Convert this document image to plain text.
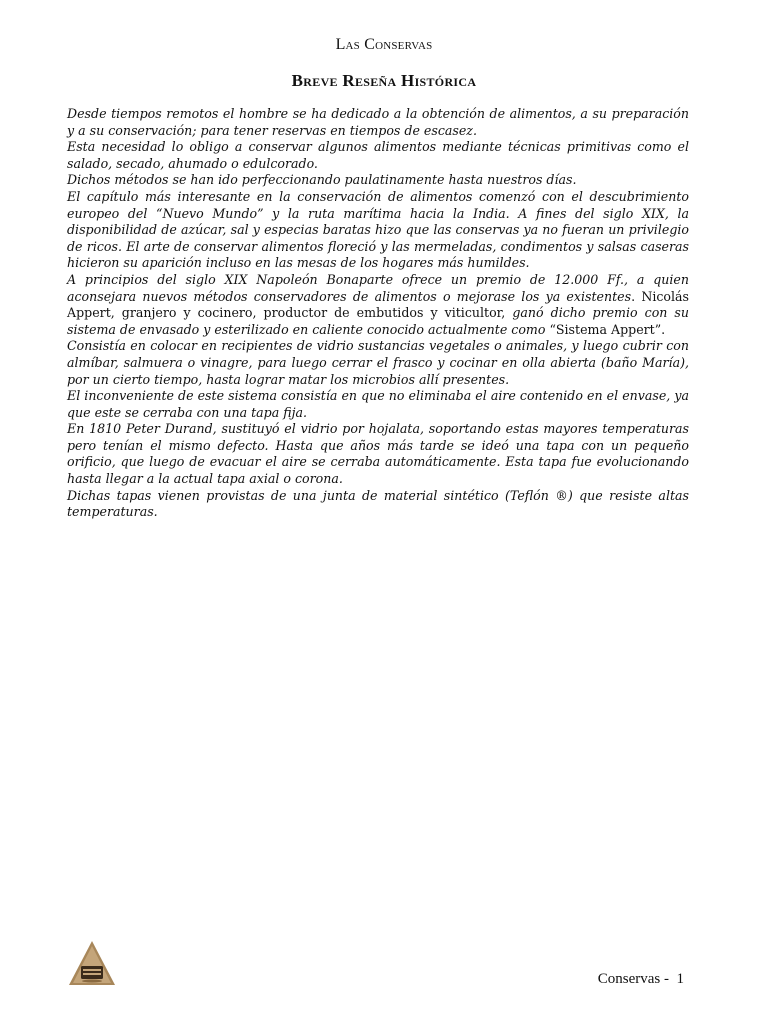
Las Conservas
Breve Reseña Histórica

Desde tiempos remotos el hombre se ha dedicado a la obtención de alimentos, a su preparación y a su conservación; para tener reservas en tiempos de escasez.

Esta necesidad lo obligo a conservar algunos alimentos mediante técnicas primitivas como el salado, secado, ahumado o edulcorado.

Dichos métodos se han ido perfeccionando paulatinamente hasta nuestros días.

El capítulo más interesante en la conservación de alimentos comenzó con el descubrimiento europeo del “Nuevo Mundo” y la ruta marítima hacia la India. A fines del siglo XIX, la disponibilidad de azúcar, sal y especias baratas hizo que las conservas ya no fueran un privilegio de ricos. El arte de conservar alimentos floreció y las mermeladas, condimentos y salsas caseras hicieron su aparición incluso en las mesas de los hogares más humildes.

A principios del siglo XIX Napoleón Bonaparte ofrece un premio de 12.000 Ff., a quien aconsejara nuevos métodos conservadores de alimentos o mejorase los ya existentes. Nicolás Appert, granjero y cocinero, productor de embutidos y viticultor, ganó dicho premio con su sistema de envasado y esterilizado en caliente conocido actualmente como “Sistema Appert”.

Consistía en colocar en recipientes de vidrio sustancias vegetales o animales, y luego cubrir con almíbar, salmuera o vinagre, para luego cerrar el frasco y cocinar en olla abierta (baño María), por un cierto tiempo, hasta lograr matar los microbios allí presentes.

El inconveniente de este sistema consistía en que no eliminaba el aire contenido en el envase, ya que este se cerraba con una tapa fija.

En 1810 Peter Durand, sustituyó el vidrio por hojalata, soportando estas mayores temperaturas pero tenían el mismo defecto. Hasta que años más tarde se ideó una tapa con un pequeño orificio, que luego de evacuar el aire se cerraba automáticamente. Esta tapa fue evolucionando hasta llegar a la actual tapa axial o corona.

Dichas tapas vienen provistas de una junta de material sintético (Teflón ®) que resiste altas temperaturas.

Conservas -  1
